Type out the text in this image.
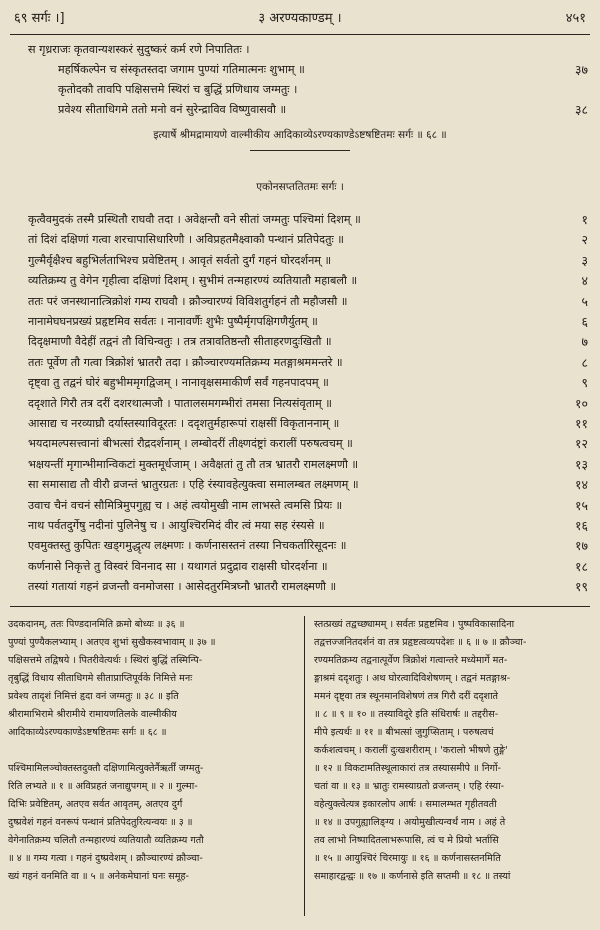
६९ सर्गः ।]	३ अरण्यकाण्डम् ।	४५१
स गृध्रराजः कृतवान्यशस्करं सुदुष्करं कर्म रणे निपातितः ।
महर्षिकल्पेन च संस्कृतस्तदा जगाम पुण्यां गतिमात्मनः शुभाम् ॥	३७
कृतोदकौ तावपि पक्षिसत्तमे स्थिरां च बुद्धिं प्रणिधाय जग्मतुः ।
प्रवेश्य सीताधिगमे ततो मनो वनं सुरेन्द्राविव विष्णुवासवौ ॥	३८
इत्यार्षे श्रीमद्रामायणे वाल्मीकीय आदिकाव्येऽरण्यकाण्डेऽष्टषष्टितमः सर्गः ॥ ६८ ॥
एकोनसप्ततितमः सर्गः ।
कृत्वैवमुदकं तस्मै प्रस्थितौ राघवौ तदा । अवेक्षन्तौ वने सीतां जग्मतुः पश्चिमां दिशम् ॥	१
तां दिशं दक्षिणां गत्वा शरचापासिधारिणौ । अविप्रहतमैक्ष्वाकौ पन्थानं प्रतिपेदतुः ॥	२
गुल्मैर्वृक्षैश्च बहुभिर्लताभिश्च प्रवेष्टितम् । आवृतं सर्वतो दुर्गं गहनं घोरदर्शनम् ॥	३
व्यतिक्रम्य तु वेगेन गृहीत्वा दक्षिणां दिशम् । सुभीमं तन्महारण्यं व्यतियातौ महाबलौ ॥	४
ततः परं जनस्थानात्त्रिक्रोशं गम्य राघवौ । क्रौञ्चारण्यं विविशतुर्गहनं तौ महौजसौ ॥	५
नानामेघघनप्रख्यं प्रहृष्टमिव सर्वतः । नानावर्णैः शुभैः पुष्पैर्मृगपक्षिगणैर्युतम् ॥	६
दिदृक्षमाणौ वैदेहीं तद्वनं तौ विचिन्वतुः । तत्र तत्रावतिष्ठन्तौ सीताहरणदुःखितौ ॥	७
ततः पूर्वेण तौ गत्वा त्रिक्रोशं भ्रातरौ तदा । क्रौञ्चारण्यमतिक्रम्य मतङ्गाश्रममन्तरे ॥	८
दृष्ट्वा तु तद्वनं घोरं बहुभीममृगद्विजम् । नानावृक्षसमाकीर्णं सर्वं गहनपादपम् ॥	९
ददृशाते गिरौ तत्र दरीं दशरथात्मजौ । पातालसमगम्भीरां तमसा नित्यसंवृताम् ॥	१०
आसाद्य च नरव्याघ्रौ दर्यास्तस्याविदूरतः । ददृशतुर्महारूपां राक्षसीं विकृताननाम् ॥	११
भयदामल्पसत्त्वानां बीभत्सां रौद्रदर्शनाम् । लम्बोदरीं तीक्ष्णदंष्ट्रां करालीं परुषत्वचम् ॥	१२
भक्षयन्तीं मृगान्भीमान्विकटां मुक्तमूर्धजाम् । अवैक्षतां तु तौ तत्र भ्रातरौ रामलक्ष्मणौ ॥	१३
सा समासाद्य तौ वीरौ व्रजन्तं भ्रातुरग्रतः । एहि रंस्यावहेत्युक्त्वा समालम्बत लक्ष्मणम् ॥	१४
उवाच चैनं वचनं सौमित्रिमुपगुह्य च । अहं त्वयोमुखी नाम लाभस्ते त्वमसि प्रियः ॥	१५
नाथ पर्वतदुर्गेषु नदीनां पुलिनेषु च । आयुश्चिरमिदं वीर त्वं मया सह रंस्यसे ॥	१६
एवमुक्तस्तु कुपितः खड्गमुद्धृत्य लक्ष्मणः । कर्णनासस्तनं तस्या निचकर्तारिसूदनः ॥	१७
कर्णनासे निकृत्ते तु विस्वरं विननाद सा । यथागतं प्रदुद्राव राक्षसी घोरदर्शना ॥	१८
तस्यां गतायां गहनं व्रजन्तौ वनमोजसा । आसेदतुरमित्रघ्नौ भ्रातरौ रामलक्ष्मणौ ॥	१९
उदकदानम्, ततः पिण्डदानमिति क्रमो बोध्यः ॥ ३६ ॥
पुण्यां पुण्यैकलभ्याम् । अतएव शुभां सुखैकस्वभावाम् ॥ ३७ ॥
पक्षिसत्तमे तद्विषये । पितरीवेत्यर्थः । स्थिरां बुद्धिं तस्मिन्पि-
तृबुद्धिं विधाय सीताधिगमे सीताप्राप्तिपूर्वके निमित्ते मनः
प्रवेश्य तादृशं निमित्तं हृदा वनं जग्मतुः ॥ ३८ ॥ इति
श्रीरामाभिरामे श्रीरामीये रामायणतिलके वाल्मीकीय
आदिकाव्येऽरण्यकाण्डेऽष्टषष्टितमः सर्गः ॥ ६८ ॥
पश्चिमामिलञ्चोक्तस्तदुक्तौ दक्षिणामित्युक्तेर्नैऋर्तीं जग्मतु-
रिति लभ्यते ॥ १ ॥ अविप्रहतं जनाद्युपगम् ॥ २ ॥ गुल्मा-
दिभिः प्रवेष्टितम्, अतएव सर्वत आवृतम्, अतएव दुर्गं
दुष्प्रवेशं गहनं वनरूपं पन्थानं प्रतिपेदतुरित्यन्वयः ॥ ३ ॥
वेगेनातिक्रम्य चलितौ तन्महारण्यं व्यतियातौ व्यतिक्रम्य गतौ
॥ ४ ॥ गम्य गत्वा । गहनं दुष्प्रवेशम् । क्रौञ्चारण्यं क्रौञ्चा-
ख्यं गहनं वनमिति वा ॥ ५ ॥ अनेकमेघानां घनः समूह-
स्तत्प्रख्यं तद्वच्छ्यामम् । सर्वतः प्रहृष्टमिव । पुष्पविकासादिना
तद्वत्तज्जनितदर्शनं वा तत्र प्रहृष्टत्वव्यपदेशः ॥ ६ ॥ ७ ॥ क्रौञ्चा-
रण्यमतिक्रम्य तद्वनात्पूर्वेण त्रिक्रोशं गत्वान्तरे मध्येमार्गे मत-
ङ्गाश्रमं ददृशतुः । अथ घोरत्वादिविशेषणम् । तद्वनं मतङ्गाश्र-
ममनं दृष्ट्वा तत्र स्थूनमानविशेषणं तत्र गिरौ दरीं ददृशाते
॥ ८ ॥ ९ ॥ १० ॥ तस्याविदूरे इति संधिरार्षः ॥ तद्दरीस-
मीपे इत्यर्थः ॥ ११ ॥ बीभत्सां जुगुप्सिताम् । परुषत्वचं
कर्कशत्वचम् । करालीं दुःखशरीराम् । 'करालो भीषणे तुङ्गे'
॥ १२ ॥ विकटामतिस्थूलाकारां तत्र तस्यासमीपे ॥ निर्गो-
चतां वा ॥ १३ ॥ भ्रातुः रामस्याग्रतो व्रजन्तम् । एहि रंस्या-
वहेत्युक्त्वेत्यत्र इकारलोप आर्षः । समालम्भत गृहीतवती
॥ १४ ॥ उपगुह्यालिङ्ग्य । अयोमुखीत्यन्वर्थं नाम । अहं ते
तव लाभो निष्पादितलाभरूपासि, त्वं च मे प्रियो भर्तासि
॥ १५ ॥ आयुश्चिरं चिरमायुः ॥ १६ ॥ कर्णनासस्तनमिति
समाहारद्वन्द्वः ॥ १७ ॥ कर्णनासे इति सप्तमी ॥ १८ ॥ तस्यां
